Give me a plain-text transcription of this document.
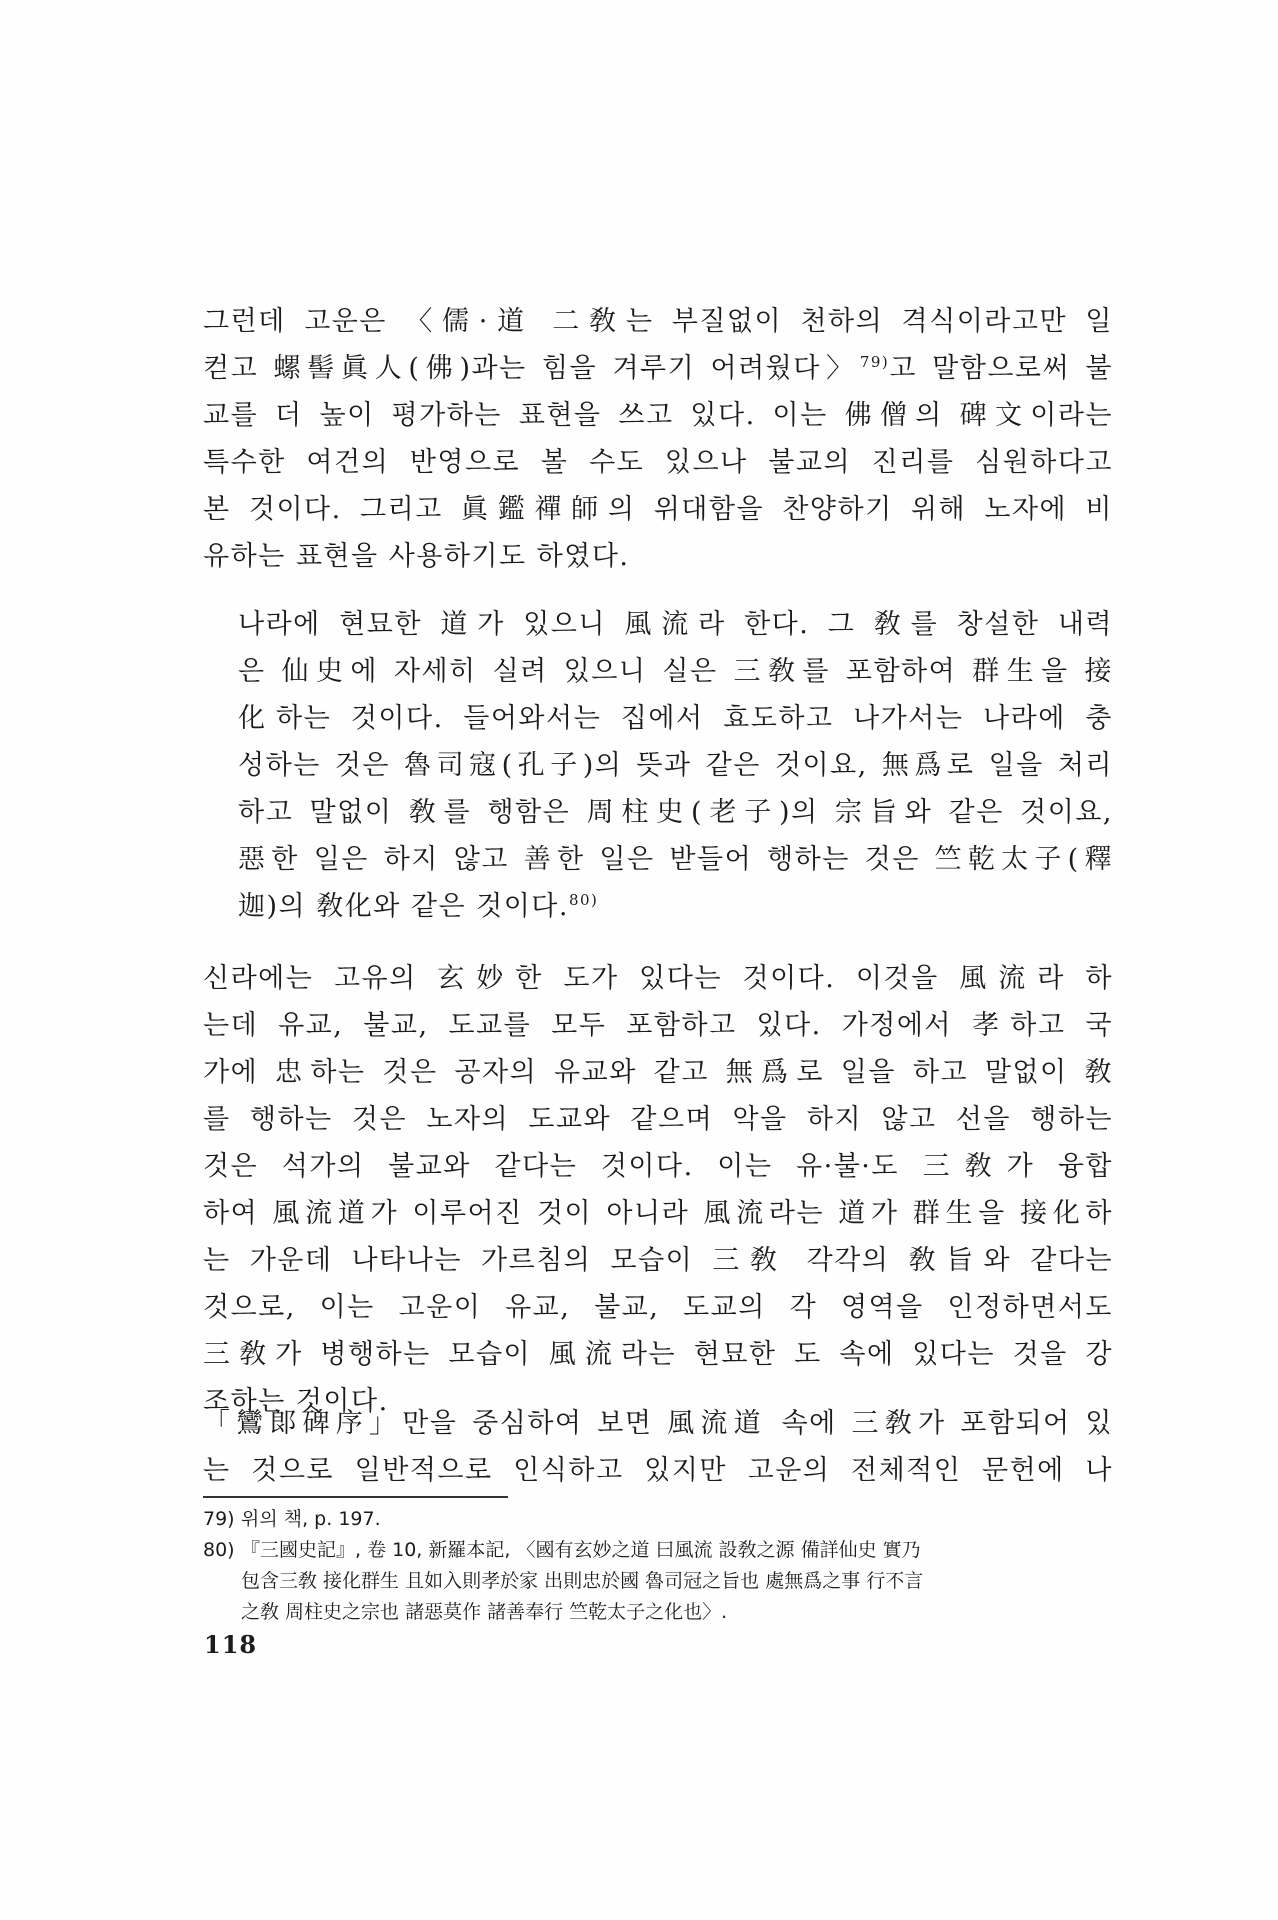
그런데 고운은 〈儒·道 二敎는 부질없이 천하의 격식이라고만 일
컫고 螺髻眞人(佛)과는 힘을 겨루기 어려웠다〉$^{79)}$고 말함으로써 불
교를 더 높이 평가하는 표현을 쓰고 있다. 이는 佛僧의 碑文이라는
특수한 여건의 반영으로 볼 수도 있으나 불교의 진리를 심원하다고
본 것이다. 그리고 眞鑑禪師의 위대함을 찬양하기 위해 노자에 비
유하는 표현을 사용하기도 하였다.
나라에 현묘한 道가 있으니 風流라 한다. 그 敎를 창설한 내력
은 仙史에 자세히 실려 있으니 실은 三敎를 포함하여 群生을 接
化하는 것이다. 들어와서는 집에서 효도하고 나가서는 나라에 충
성하는 것은 魯司寇(孔子)의 뜻과 같은 것이요, 無爲로 일을 처리
하고 말없이 敎를 행함은 周柱史(老子)의 宗旨와 같은 것이요,
惡한 일은 하지 않고 善한 일은 받들어 행하는 것은 竺乾太子(釋
迦)의 敎化와 같은 것이다.$^{80)}$
신라에는 고유의 玄妙한 도가 있다는 것이다. 이것을 風流라 하
는데 유교, 불교, 도교를 모두 포함하고 있다. 가정에서 孝하고 국
가에 忠하는 것은 공자의 유교와 같고 無爲로 일을 하고 말없이 敎
를 행하는 것은 노자의 도교와 같으며 악을 하지 않고 선을 행하는
것은 석가의 불교와 같다는 것이다. 이는 유·불·도 三敎가 융합
하여 風流道가 이루어진 것이 아니라 風流라는 道가 群生을 接化하
는 가운데 나타나는 가르침의 모습이 三敎 각각의 敎旨와 같다는
것으로, 이는 고운이 유교, 불교, 도교의 각 영역을 인정하면서도
三敎가 병행하는 모습이 風流라는 현묘한 도 속에 있다는 것을 강
조하는 것이다.
「鸞郞碑序」만을 중심하여 보면 風流道 속에 三敎가 포함되어 있
는 것으로 일반적으로 인식하고 있지만 고운의 전체적인 문헌에 나
79) 위의 책, p. 197.
80) 『三國史記』, 卷 10, 新羅本記, 〈國有玄妙之道 曰風流 設敎之源 備詳仙史 實乃
包含三敎 接化群生 且如入則孝於家 出則忠於國 魯司冠之旨也 處無爲之事 行不言
之敎 周柱史之宗也 諸惡莫作 諸善奉行 竺乾太子之化也〉.
118
